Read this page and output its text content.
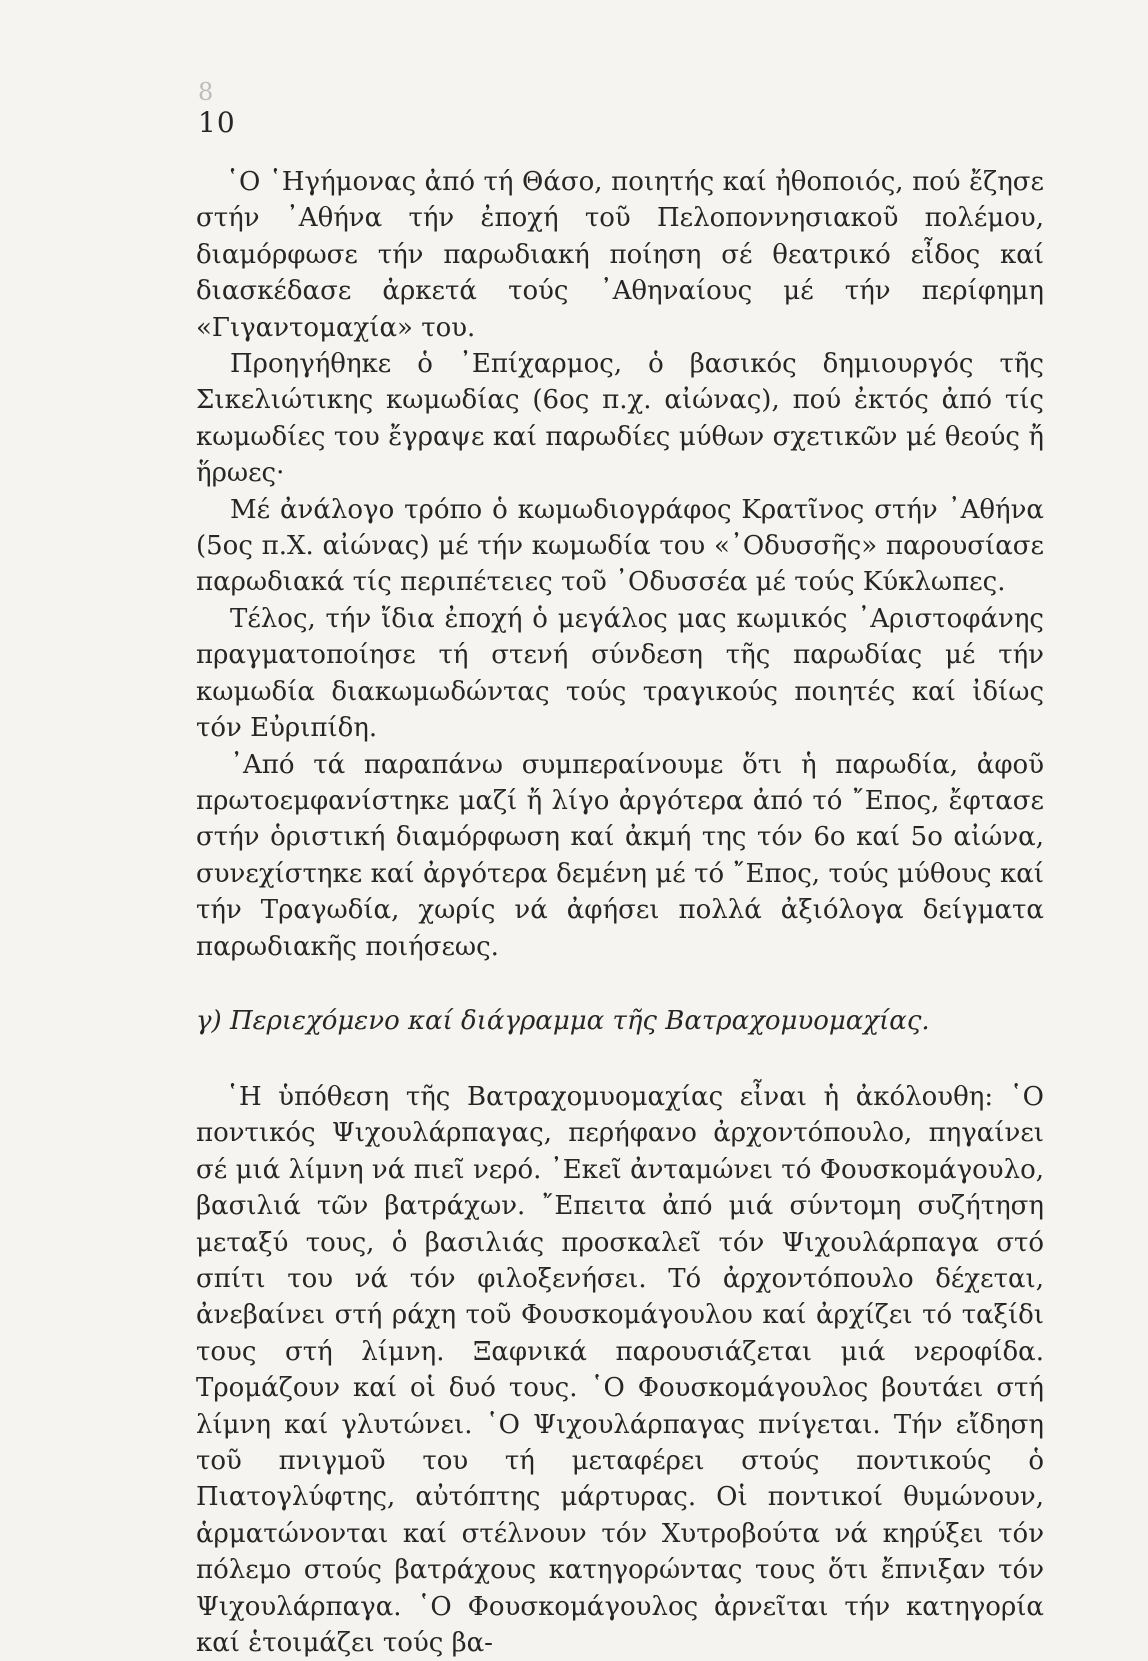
8
10

῾Ο ῾Ηγήμονας ἀπό τή Θάσο, ποιητής καί ἠθοποιός, πού ἔζησε στήν ᾿Αθήνα τήν ἐποχή τοῦ Πελοποννησιακοῦ πολέμου, διαμόρφωσε τήν παρωδιακή ποίηση σέ θεατρικό εἶδος καί διασκέδασε ἀρκετά τούς ᾿Αθηναίους μέ τήν περίφημη «Γιγαντομαχία» του.

Προηγήθηκε ὁ ᾿Επίχαρμος, ὁ βασικός δημιουργός τῆς Σικελιώτικης κωμωδίας (6ος π.χ. αἰώνας), πού ἐκτός ἀπό τίς κωμωδίες του ἔγραψε καί παρωδίες μύθων σχετικῶν μέ θεούς ἤ ἥρωες·

Μέ ἀνάλογο τρόπο ὁ κωμωδιογράφος Κρατῖνος στήν ᾿Αθήνα (5ος π.Χ. αἰώνας) μέ τήν κωμωδία του «᾿Οδυσσῆς» παρουσίασε παρωδιακά τίς περιπέτειες τοῦ ᾿Οδυσσέα μέ τούς Κύκλωπες.

Τέλος, τήν ἴδια ἐποχή ὁ μεγάλος μας κωμικός ᾿Αριστοφάνης πραγματοποίησε τή στενή σύνδεση τῆς παρωδίας μέ τήν κωμωδία διακωμωδώντας τούς τραγικούς ποιητές καί ἰδίως τόν Εὐριπίδη.

᾿Από τά παραπάνω συμπεραίνουμε ὅτι ἡ παρωδία, ἀφοῦ πρωτοεμφανίστηκε μαζί ἤ λίγο ἀργότερα ἀπό τό ῎Επος, ἔφτασε στήν ὁριστική διαμόρφωση καί ἀκμή της τόν 6ο καί 5ο αἰώνα, συνεχίστηκε καί ἀργότερα δεμένη μέ τό ῎Επος, τούς μύθους καί τήν Τραγωδία, χωρίς νά ἀφήσει πολλά ἀξιόλογα δείγματα παρωδιακῆς ποιήσεως.

γ) Περιεχόμενο καί διάγραμμα τῆς Βατραχομυομαχίας.

῾Η ὑπόθεση τῆς Βατραχομυομαχίας εἶναι ἡ ἀκόλουθη: ῾Ο ποντικός Ψιχουλάρπαγας, περήφανο ἀρχοντόπουλο, πηγαίνει σέ μιά λίμνη νά πιεῖ νερό. ᾿Εκεῖ ἀνταμώνει τό Φουσκομάγουλο, βασιλιά τῶν βατράχων. ῎Επειτα ἀπό μιά σύντομη συζήτηση μεταξύ τους, ὁ βασιλιάς προσκαλεῖ τόν Ψιχουλάρπαγα στό σπίτι του νά τόν φιλοξενήσει. Τό ἀρχοντόπουλο δέχεται, ἀνεβαίνει στή ράχη τοῦ Φουσκομάγουλου καί ἀρχίζει τό ταξίδι τους στή λίμνη. Ξαφνικά παρουσιάζεται μιά νεροφίδα. Τρομάζουν καί οἱ δυό τους. ῾Ο Φουσκομάγουλος βουτάει στή λίμνη καί γλυτώνει. ῾Ο Ψιχουλάρπαγας πνίγεται. Τήν εἴδηση τοῦ πνιγμοῦ του τή μεταφέρει στούς ποντικούς ὁ Πιατογλύφτης, αὐτόπτης μάρτυρας. Οἱ ποντικοί θυμώνουν, ἁρματώνονται καί στέλνουν τόν Χυτροβούτα νά κηρύξει τόν πόλεμο στούς βατράχους κατηγορώντας τους ὅτι ἔπνιξαν τόν Ψιχουλάρπαγα. ῾Ο Φουσκομάγουλος ἀρνεῖται τήν κατηγορία καί ἑτοιμάζει τούς βα-
